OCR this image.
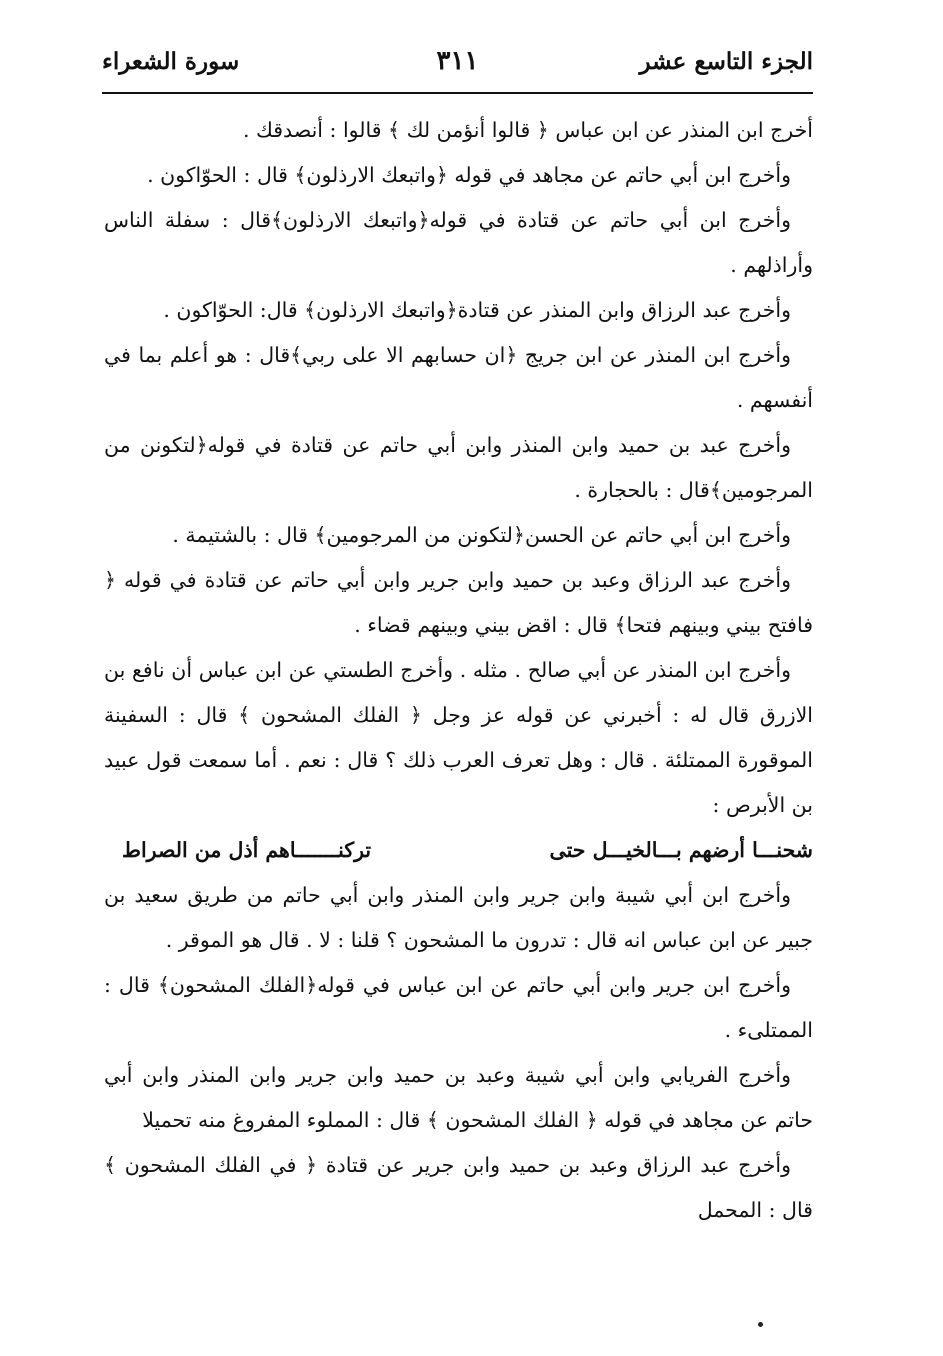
الجزء التاسع عشر
٣١١
سورة الشعراء

أخرج ابن المنذر عن ابن عباس ﴿ قالوا أنؤمن لك ﴾ قالوا : أنصدقك .

وأخرج ابن أبي حاتم عن مجاهد في قوله ﴿واتبعك الارذلون﴾ قال : الحوّاكون .

وأخرج ابن أبي حاتم عن قتادة في قوله﴿واتبعك الارذلون﴾قال : سفلة الناس وأراذلهم .

وأخرج عبد الرزاق وابن المنذر عن قتادة﴿واتبعك الارذلون﴾ قال: الحوّاكون .

وأخرج ابن المنذر عن ابن جريج ﴿ان حسابهم الا على ربي﴾قال : هو أعلم بما في أنفسهم .

وأخرج عبد بن حميد وابن المنذر وابن أبي حاتم عن قتادة في قوله﴿لتكونن من المرجومين﴾قال : بالحجارة .

وأخرج ابن أبي حاتم عن الحسن﴿لتكونن من المرجومين﴾ قال : بالشتيمة .

وأخرج عبد الرزاق وعبد بن حميد وابن جرير وابن أبي حاتم عن قتادة في قوله ﴿ فافتح بيني وبينهم فتحا﴾ قال : اقض بيني وبينهم قضاء .

وأخرج ابن المنذر عن أبي صالح . مثله . وأخرج الطستي عن ابن عباس أن نافع بن الازرق قال له : أخبرني عن قوله عز وجل ﴿ الفلك المشحون ﴾ قال : السفينة الموقورة الممتلئة . قال : وهل تعرف العرب ذلك ؟ قال : نعم . أما سمعت قول عبيد بن الأبرص :

شحنـــا أرضهم بـــالخيـــل حتى
تركنـــــــاهم أذل من الصراط

وأخرج ابن أبي شيبة وابن جرير وابن المنذر وابن أبي حاتم من طريق سعيد بن جبير عن ابن عباس انه قال : تدرون ما المشحون ؟ قلنا : لا . قال هو الموقر .

وأخرج ابن جرير وابن أبي حاتم عن ابن عباس في قوله﴿الفلك المشحون﴾ قال : الممتلىء .

وأخرج الفريابي وابن أبي شيبة وعبد بن حميد وابن جرير وابن المنذر وابن أبي حاتم عن مجاهد في قوله ﴿ الفلك المشحون ﴾ قال : المملوء المفروغ منه تحميلا

وأخرج عبد الرزاق وعبد بن حميد وابن جرير عن قتادة ﴿ في الفلك المشحون ﴾ قال : المحمل
